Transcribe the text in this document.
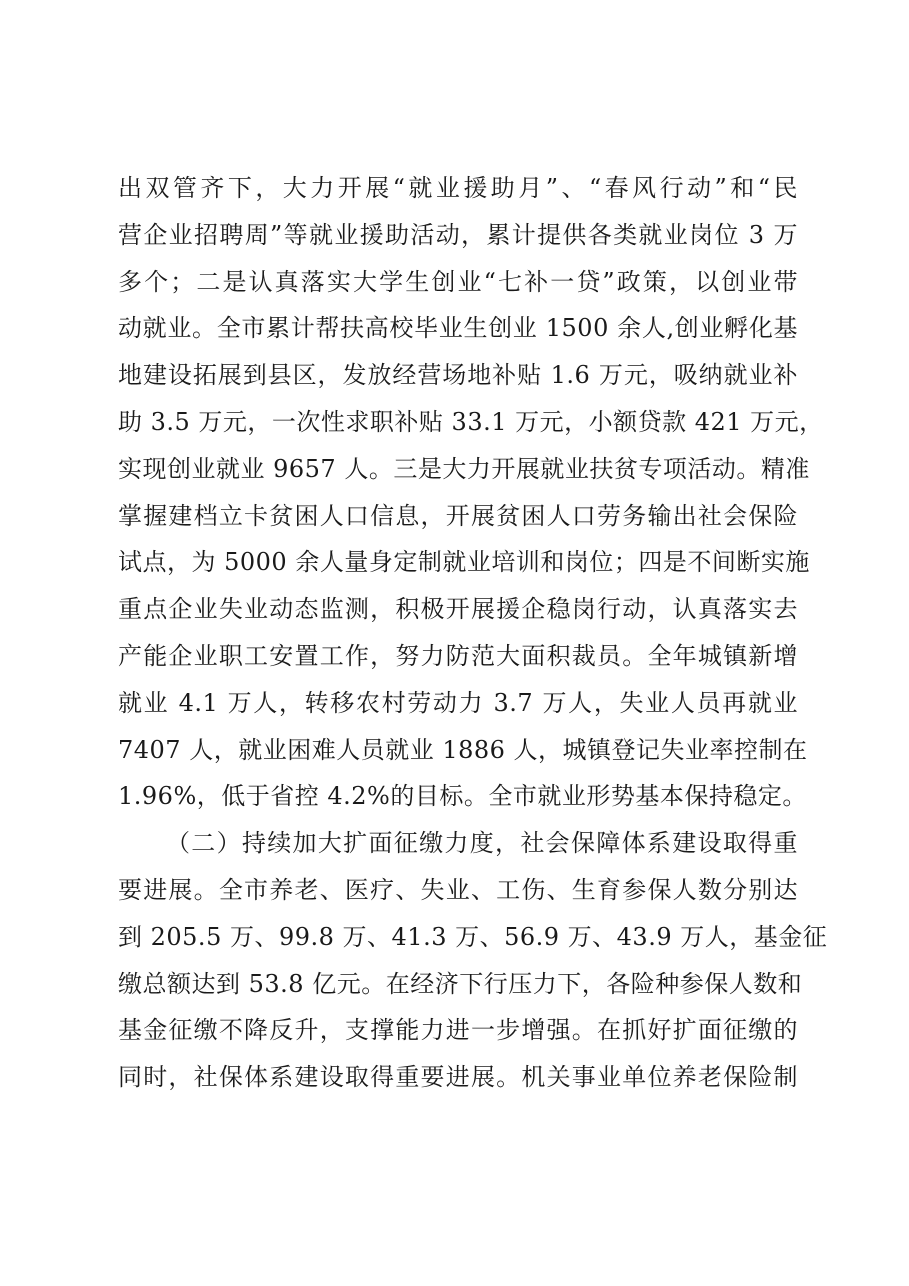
出双管齐下，大力开展“就业援助月”、“春风行动”和“民
营企业招聘周”等就业援助活动，累计提供各类就业岗位 3 万
多个；二是认真落实大学生创业“七补一贷”政策，以创业带
动就业。全市累计帮扶高校毕业生创业 1500 余人,创业孵化基
地建设拓展到县区，发放经营场地补贴 1.6 万元，吸纳就业补
助 3.5 万元，一次性求职补贴 33.1 万元，小额贷款 421 万元，
实现创业就业 9657 人。三是大力开展就业扶贫专项活动。精准
掌握建档立卡贫困人口信息，开展贫困人口劳务输出社会保险
试点，为 5000 余人量身定制就业培训和岗位；四是不间断实施
重点企业失业动态监测，积极开展援企稳岗行动，认真落实去
产能企业职工安置工作，努力防范大面积裁员。全年城镇新增
就业 4.1 万人，转移农村劳动力 3.7 万人，失业人员再就业
7407 人，就业困难人员就业 1886 人，城镇登记失业率控制在
1.96%，低于省控 4.2%的目标。全市就业形势基本保持稳定。
（二）持续加大扩面征缴力度，社会保障体系建设取得重
要进展。全市养老、医疗、失业、工伤、生育参保人数分别达
到 205.5 万、99.8 万、41.3 万、56.9 万、43.9 万人，基金征
缴总额达到 53.8 亿元。在经济下行压力下，各险种参保人数和
基金征缴不降反升，支撑能力进一步增强。在抓好扩面征缴的
同时，社保体系建设取得重要进展。机关事业单位养老保险制
